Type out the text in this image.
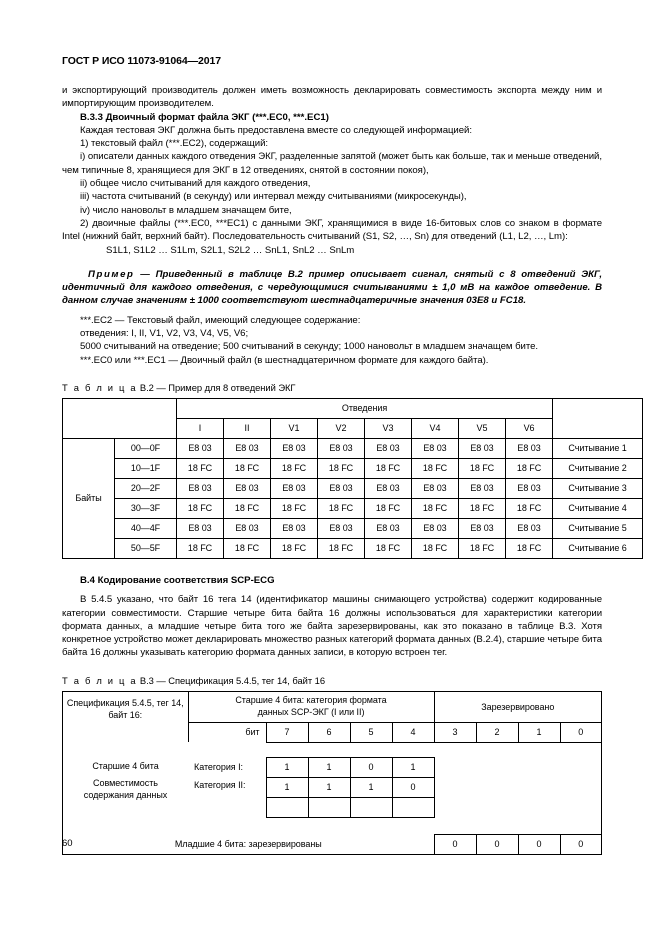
ГОСТ Р ИСО 11073-91064—2017

и экспортирующий производитель должен иметь возможность декларировать совместимость экспорта между ним и импортирующим производителем.

В.3.3 Двоичный формат файла ЭКГ (***.EC0, ***.EC1)

Каждая тестовая ЭКГ должна быть предоставлена вместе со следующей информацией:

1) текстовый файл (***.EC2), содержащий:

i) описатели данных каждого отведения ЭКГ, разделенные запятой (может быть как больше, так и меньше отведений, чем типичные 8, хранящиеся для ЭКГ в 12 отведениях, снятой в состоянии покоя),

ii) общее число считываний для каждого отведения,

iii) частота считываний (в секунду) или интервал между считываниями (микросекунды),

iv) число нановольт в младшем значащем бите,

2) двоичные файлы (***.EC0, ***EC1) с данными ЭКГ, хранящимися в виде 16-битовых слов со знаком в формате Intel (нижний байт, верхний байт). Последовательность считываний (S1, S2, …, Sn) для отведений (L1, L2, …, Lm):

S1L1, S1L2 … S1Lm, S2L1, S2L2 … SnL1, SnL2 … SnLm

Пример — Приведенный в таблице В.2 пример описывает сигнал, снятый с 8 отведений ЭКГ, идентичный для каждого отведения, с чередующимися считываниями ± 1,0 мВ на каждое отведение. В данном случае значениям ± 1000 соответствуют шестнадцатеричные значения 03E8 и FC18.

***.EC2 — Текстовый файл, имеющий следующее содержание:

отведения: I, II, V1, V2, V3, V4, V5, V6;

5000 считываний на отведение; 500 считываний в секунду; 1000 нановольт в младшем значащем бите.

***.EC0 или ***.EC1 — Двоичный файл (в шестнадцатеричном формате для каждого байта).

Т а б л и ц а В.2 — Пример для 8 отведений ЭКГ
		Отведения								
		I	II	V1	V2	V3	V4	V5	V6	
Байты	00—0F	E8 03	E8 03	E8 03	E8 03	E8 03	E8 03	E8 03	E8 03	Считывание 1
	10—1F	18 FC	18 FC	18 FC	18 FC	18 FC	18 FC	18 FC	18 FC	Считывание 2
	20—2F	E8 03	E8 03	E8 03	E8 03	E8 03	E8 03	E8 03	E8 03	Считывание 3
	30—3F	18 FC	18 FC	18 FC	18 FC	18 FC	18 FC	18 FC	18 FC	Считывание 4
	40—4F	E8 03	E8 03	E8 03	E8 03	E8 03	E8 03	E8 03	E8 03	Считывание 5
	50—5F	18 FC	18 FC	18 FC	18 FC	18 FC	18 FC	18 FC	18 FC	Считывание 6
В.4 Кодирование соответствия SCP-ECG

В 5.4.5 указано, что байт 16 тега 14 (идентификатор машины снимающего устройства) содержит кодированные категории совместимости. Старшие четыре бита байта 16 должны использоваться для характеристики категории формата данных, а младшие четыре бита того же байта зарезервированы, как это показано в таблице В.3. Хотя конкретное устройство может декларировать множество разных категорий формата данных (В.2.4), старшие четыре бита байта 16 должны указывать категорию формата данных записи, в которую встроен тег.

Т а б л и ц а В.3 — Спецификация 5.4.5, тег 14, байт 16
Спецификация 5.4.5, тег 14,
байт 16:	Старшие 4 бита: категория формата
данных SCP-ЭКГ (I или II)					Зарезервировано			
	бит	7	6	5	4	3	2	1	0

Старшие 4 бита	Категория I:	1	1	0	1				
Совместимость
содержания данных	Категория II:	1	1	1	0				

Младшие 4 бита: зарезервированы						0	0	0	0
60
